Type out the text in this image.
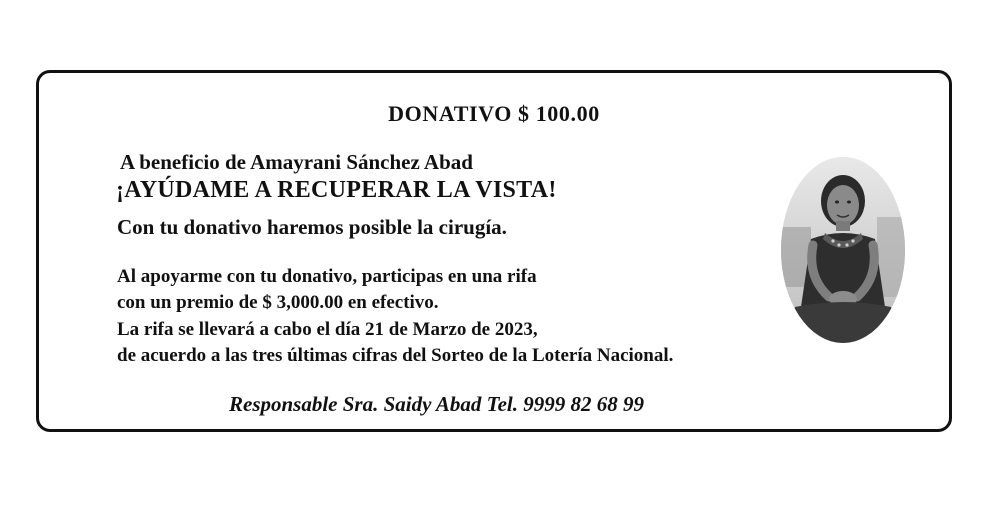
DONATIVO $ 100.00
A beneficio de Amayrani Sánchez Abad
¡AYÚDAME A RECUPERAR LA VISTA!
Con tu donativo haremos posible la cirugía.
Al apoyarme con tu donativo, participas en una rifa
con un premio de $ 3,000.00 en efectivo.
La rifa se llevará a cabo el día 21 de Marzo de 2023,
de acuerdo a las tres últimas cifras del Sorteo de la Lotería Nacional.
Responsable Sra. Saidy Abad Tel. 9999 82 68 99
